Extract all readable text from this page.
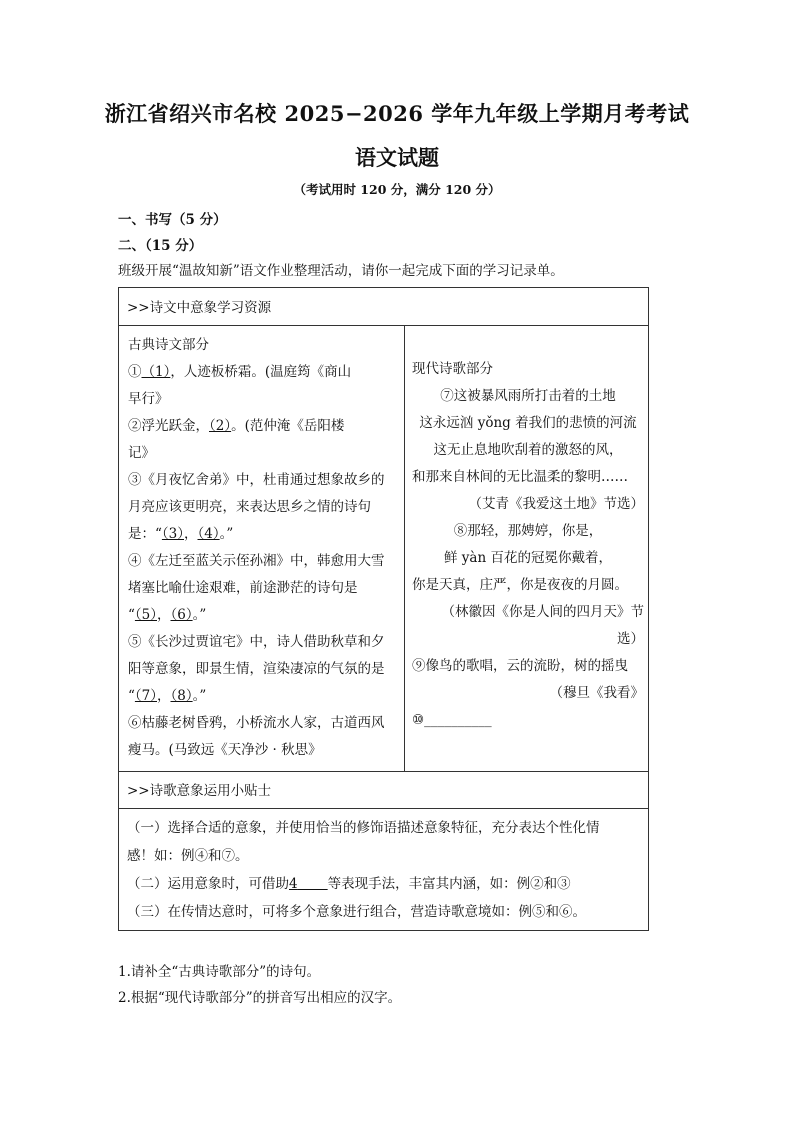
浙江省绍兴市名校 2025−2026 学年九年级上学期月考考试
语文试题
（考试用时 120 分，满分 120 分）
一、书写（5 分）
二、（15 分）
班级开展“温故知新”语文作业整理活动，请你一起完成下面的学习记录单。
>>诗文中意象学习资源
古典诗文部分
①（1），人迹板桥霜。(温庭筠《商山
早行》
②浮光跃金，（2）。(范仲淹《岳阳楼
记》
③《月夜忆舍弟》中，杜甫通过想象故乡的
月亮应该更明亮，来表达思乡之情的诗句
是：“（3），（4）。”
④《左迁至蓝关示侄孙湘》中，韩愈用大雪
堵塞比喻仕途艰难，前途渺茫的诗句是
“（5），（6）。”
⑤《长沙过贾谊宅》中，诗人借助秋草和夕
阳等意象，即景生情，渲染凄凉的气氛的是
“（7），（8）。”
⑥枯藤老树昏鸦，小桥流水人家，古道西风
瘦马。(马致远《天净沙 · 秋思》
现代诗歌部分
⑦这被暴风雨所打击着的土地
这永远汹 yǒng 着我们的悲愤的河流
这无止息地吹刮着的激怒的风，
和那来自林间的无比温柔的黎明……
（艾青《我爱这土地》节选）
⑧那轻，那娉婷，你是，
鲜 yàn 百花的冠冕你戴着，
你是天真，庄严，你是夜夜的月圆。
（林徽因《你是人间的四月天》节
选）
⑨像鸟的歌唱，云的流盼，树的摇曳
（穆旦《我看》
⑩__________
>>诗歌意象运用小贴士
（一）选择合适的意象，并使用恰当的修饰语描述意象特征，充分表达个性化情
感！如：例④和⑦。
（二）运用意象时，可借助4 等表现手法，丰富其内涵，如：例②和③
（三）在传情达意时，可将多个意象进行组合，营造诗歌意境如：例⑤和⑥。
1.请补全“古典诗歌部分”的诗句。
2.根据“现代诗歌部分”的拼音写出相应的汉字。
